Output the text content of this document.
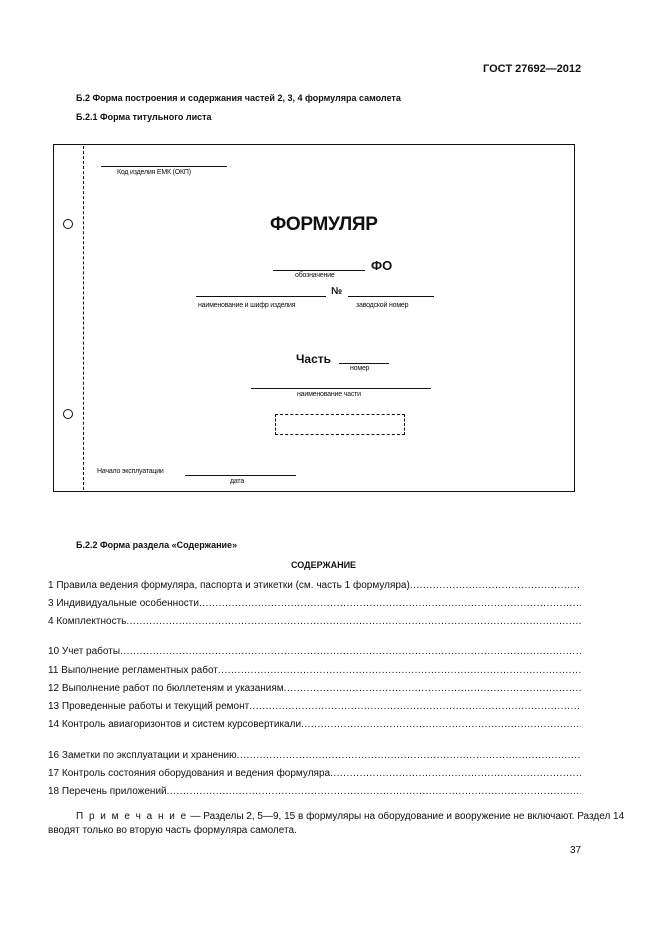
ГОСТ 27692—2012
Б.2 Форма построения и содержания частей 2, 3, 4 формуляра самолета
Б.2.1 Форма титульного листа
Код изделия ЕМК (ОКП)
ФОРМУЛЯР
ФО
обозначение
№
наименование и шифр изделия	заводской номер
Часть
номер
наименование части
Начало эксплуатации
дата
Б.2.2 Форма раздела «Содержание»
СОДЕРЖАНИЕ
1 Правила ведения формуляра, паспорта и этикетки (см. часть 1 формуляра)
.....
3 Индивидуальные особенности
.....
4 Комплектность
.....
10 Учет работы
.....
11 Выполнение регламентных работ
.....
12 Выполнение работ по бюллетеням и указаниям
.....
13 Проведенные работы и текущий ремонт
.....
14 Контроль авиагоризонтов и систем курсовертикали
.....
16 Заметки по эксплуатации и хранению
.....
17 Контроль состояния оборудования и ведения формуляра
.....
18 Перечень приложений
.....
П р и м е ч а н и е — Разделы 2, 5—9, 15 в формуляры на оборудование и вооружение не включают. Раздел 14
вводят только во вторую часть формуляра самолета.
37
